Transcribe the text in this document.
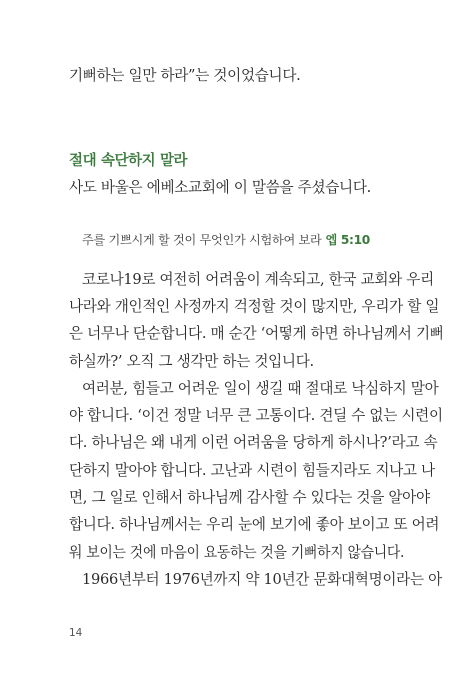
기뻐하는 일만 하라”는 것이었습니다.
절대 속단하지 말라
사도 바울은 에베소교회에 이 말씀을 주셨습니다.
주를 기쁘시게 할 것이 무엇인가 시험하여 보라 엡 5:10
코로나19로 여전히 어려움이 계속되고, 한국 교회와 우리
나라와 개인적인 사정까지 걱정할 것이 많지만, 우리가 할 일
은 너무나 단순합니다. 매 순간 ‘어떻게 하면 하나님께서 기뻐
하실까?’ 오직 그 생각만 하는 것입니다.
여러분, 힘들고 어려운 일이 생길 때 절대로 낙심하지 말아
야 합니다. ‘이건 정말 너무 큰 고통이다. 견딜 수 없는 시련이
다. 하나님은 왜 내게 이런 어려움을 당하게 하시나?’라고 속
단하지 말아야 합니다. 고난과 시련이 힘들지라도 지나고 나
면, 그 일로 인해서 하나님께 감사할 수 있다는 것을 알아야
합니다. 하나님께서는 우리 눈에 보기에 좋아 보이고 또 어려
워 보이는 것에 마음이 요동하는 것을 기뻐하지 않습니다.
1966년부터 1976년까지 약 10년간 문화대혁명이라는 아
14
